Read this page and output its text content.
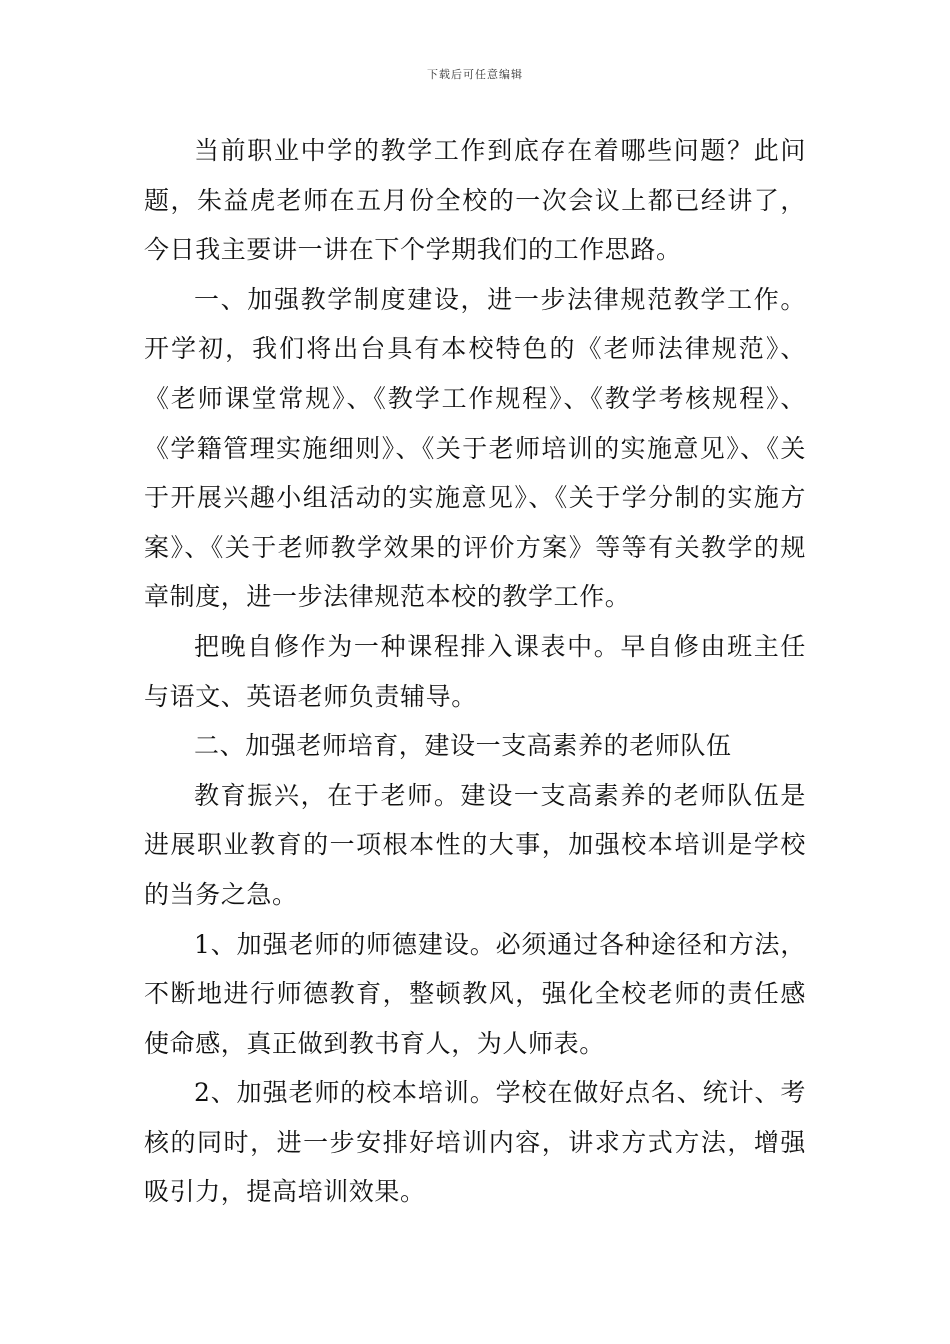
下载后可任意编辑

当前职业中学的教学工作到底存在着哪些问题？此问题，朱益虎老师在五月份全校的一次会议上都已经讲了，今日我主要讲一讲在下个学期我们的工作思路。

一、加强教学制度建设，进一步法律规范教学工作。开学初，我们将出台具有本校特色的《老师法律规范》、《老师课堂常规》、《教学工作规程》、《教学考核规程》、《学籍管理实施细则》、《关于老师培训的实施意见》、《关于开展兴趣小组活动的实施意见》、《关于学分制的实施方案》、《关于老师教学效果的评价方案》等等有关教学的规章制度，进一步法律规范本校的教学工作。

把晚自修作为一种课程排入课表中。早自修由班主任与语文、英语老师负责辅导。

二、加强老师培育，建设一支高素养的老师队伍

教育振兴，在于老师。建设一支高素养的老师队伍是进展职业教育的一项根本性的大事，加强校本培训是学校的当务之急。

1、加强老师的师德建设。必须通过各种途径和方法，不断地进行师德教育，整顿教风，强化全校老师的责任感使命感，真正做到教书育人，为人师表。

2、加强老师的校本培训。学校在做好点名、统计、考核的同时，进一步安排好培训内容，讲求方式方法，增强吸引力，提高培训效果。
